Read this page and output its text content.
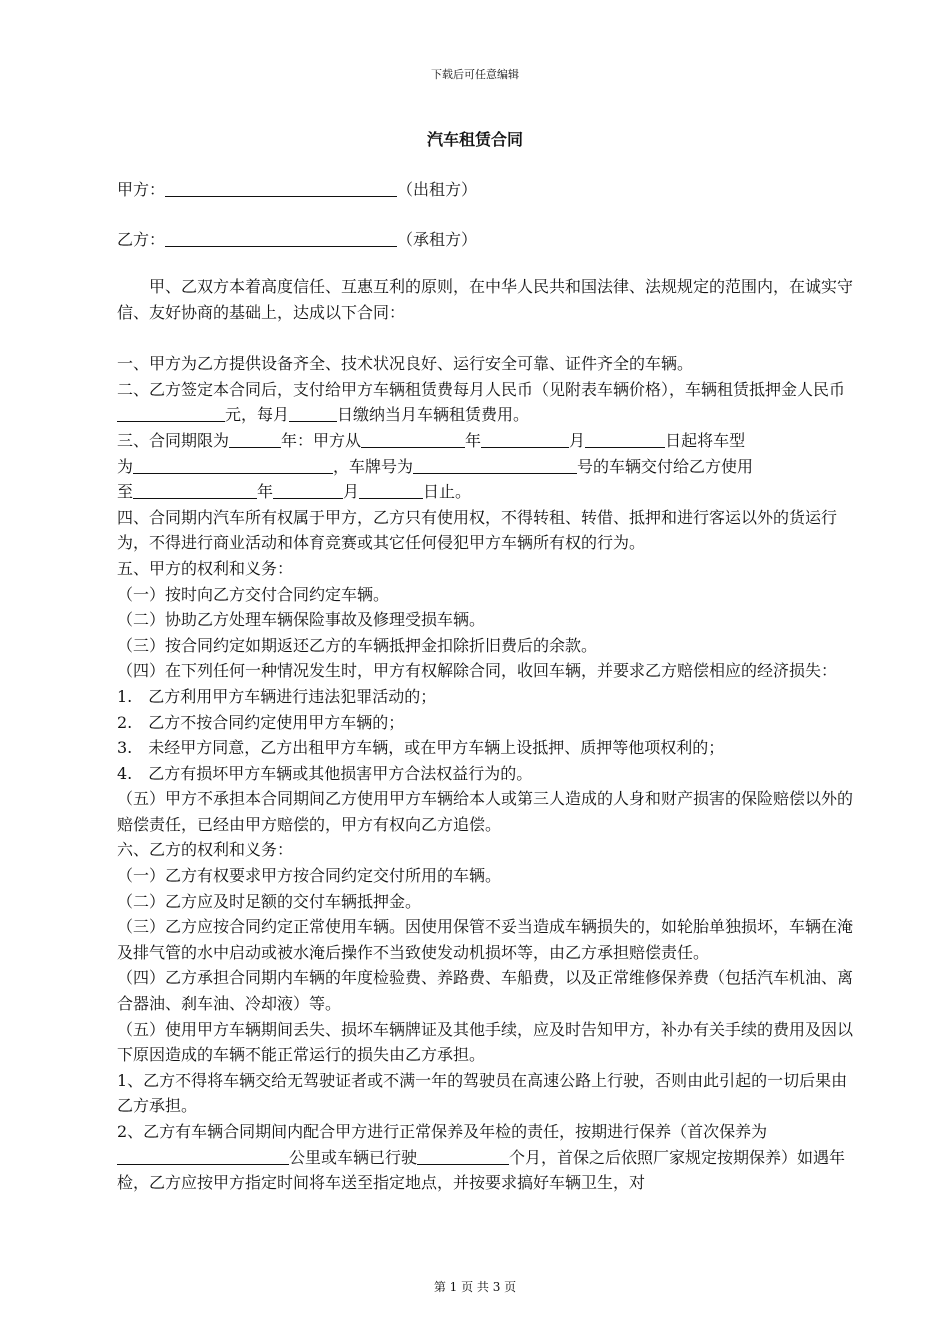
下载后可任意编辑
汽车租赁合同
甲方：	（出租方）
乙方：	（承租方）

甲、乙双方本着高度信任、互惠互利的原则，在中华人民共和国法律、法规规定的范围内，在诚实守信、友好协商的基础上，达成以下合同：

一、甲方为乙方提供设备齐全、技术状况良好、运行安全可靠、证件齐全的车辆。

二、乙方签定本合同后，支付给甲方车辆租赁费每月人民币（见附表车辆价格），车辆租赁抵押金人民币元，每月	日缴纳当月车辆租赁费用。

三、合同期限为	年：甲方从	年	月	日起将车型

为	，车牌号为	号的车辆交付给乙方使用

至	年	月	日止。

四、合同期内汽车所有权属于甲方，乙方只有使用权，不得转租、转借、抵押和进行客运以外的货运行为，不得进行商业活动和体育竞赛或其它任何侵犯甲方车辆所有权的行为。

五、甲方的权利和义务：

（一）按时向乙方交付合同约定车辆。

（二）协助乙方处理车辆保险事故及修理受损车辆。

（三）按合同约定如期返还乙方的车辆抵押金扣除折旧费后的余款。

（四）在下列任何一种情况发生时，甲方有权解除合同，收回车辆，并要求乙方赔偿相应的经济损失：

1.　乙方利用甲方车辆进行违法犯罪活动的；

2.　乙方不按合同约定使用甲方车辆的；

3.　未经甲方同意，乙方出租甲方车辆，或在甲方车辆上设抵押、质押等他项权利的；

4.　乙方有损坏甲方车辆或其他损害甲方合法权益行为的。

（五）甲方不承担本合同期间乙方使用甲方车辆给本人或第三人造成的人身和财产损害的保险赔偿以外的赔偿责任，已经由甲方赔偿的，甲方有权向乙方追偿。

六、乙方的权利和义务：

（一）乙方有权要求甲方按合同约定交付所用的车辆。

（二）乙方应及时足额的交付车辆抵押金。

（三）乙方应按合同约定正常使用车辆。因使用保管不妥当造成车辆损失的，如轮胎单独损坏，车辆在淹及排气管的水中启动或被水淹后操作不当致使发动机损坏等，由乙方承担赔偿责任。

（四）乙方承担合同期内车辆的年度检验费、养路费、车船费，以及正常维修保养费（包括汽车机油、离合器油、刹车油、冷却液）等。

（五）使用甲方车辆期间丢失、损坏车辆牌证及其他手续，应及时告知甲方，补办有关手续的费用及因以下原因造成的车辆不能正常运行的损失由乙方承担。

1、乙方不得将车辆交给无驾驶证者或不满一年的驾驶员在高速公路上行驶，否则由此引起的一切后果由乙方承担。

2、乙方有车辆合同期间内配合甲方进行正常保养及年检的责任，按期进行保养（首次保养为公里或车辆已行驶	个月，首保之后依照厂家规定按期保养）如遇年检，乙方应按甲方指定时间将车送至指定地点，并按要求搞好车辆卫生，对

第 1 页 共 3 页
